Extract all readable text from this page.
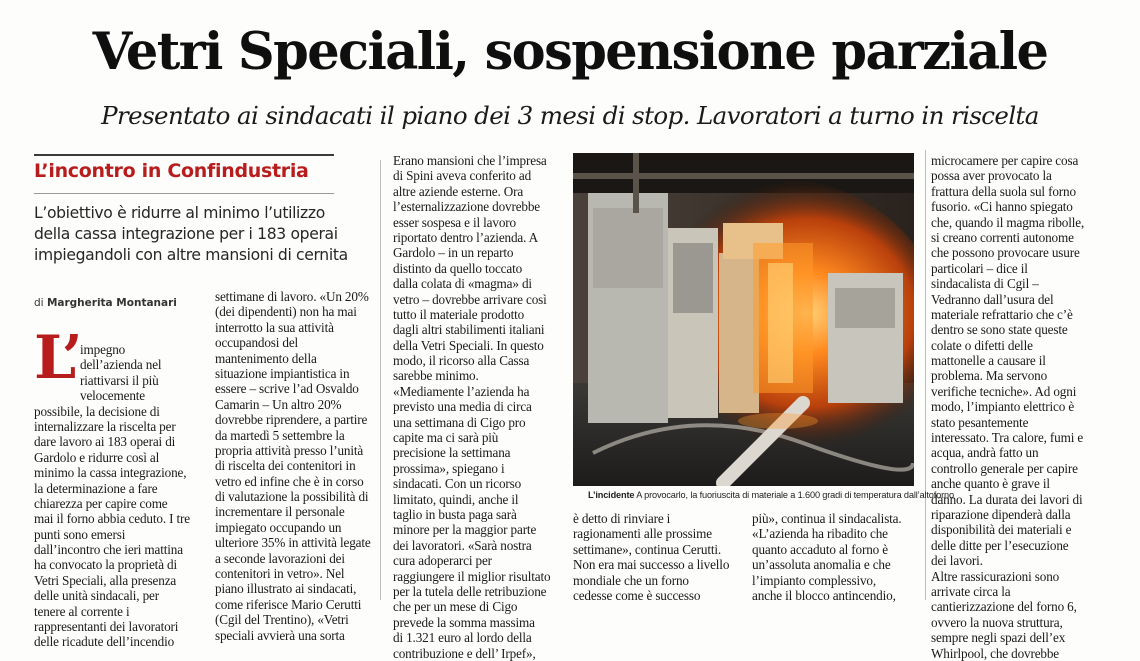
Vetri Speciali, sospensione parziale
Presentato ai sindacati il piano dei 3 mesi di stop. Lavoratori a turno in riscelta
L’incontro in Confindustria
L’obiettivo è ridurre al minimo l’utilizzo
della cassa integrazione per i 183 operai
impiegandoli con altre mansioni di cernita
di Margherita Montanari
L’
impegno
dell’azienda nel
riattivarsi il più
velocemente
possibile, la decisione di
internalizzare la riscelta per
dare lavoro ai 183 operai di
Gardolo e ridurre così al
minimo la cassa integrazione,
la determinazione a fare
chiarezza per capire come
mai il forno abbia ceduto. I tre
punti sono emersi
dall’incontro che ieri mattina
ha convocato la proprietà di
Vetri Speciali, alla presenza
delle unità sindacali, per
tenere al corrente i
rappresentanti dei lavoratori
delle ricadute dell’incendio
settimane di lavoro. «Un 20%
(dei dipendenti) non ha mai
interrotto la sua attività
occupandosi del
mantenimento della
situazione impiantistica in
essere – scrive l’ad Osvaldo
Camarin – Un altro 20%
dovrebbe riprendere, a partire
da martedì 5 settembre la
propria attività presso l’unità
di riscelta dei contenitori in
vetro ed infine che è in corso
di valutazione la possibilità di
incrementare il personale
impiegato occupando un
ulteriore 35% in attività legate
a seconde lavorazioni dei
contenitori in vetro». Nel
piano illustrato ai sindacati,
come riferisce Mario Cerutti
(Cgil del Trentino), «Vetri
speciali avvierà una sorta
Erano mansioni che l’impresa
di Spini aveva conferito ad
altre aziende esterne. Ora
l’esternalizzazione dovrebbe
esser sospesa e il lavoro
riportato dentro l’azienda. A
Gardolo – in un reparto
distinto da quello toccato
dalla colata di «magma» di
vetro – dovrebbe arrivare così
tutto il materiale prodotto
dagli altri stabilimenti italiani
della Vetri Speciali. In questo
modo, il ricorso alla Cassa
sarebbe minimo.
«Mediamente l’azienda ha
previsto una media di circa
una settimana di Cigo pro
capite ma ci sarà più
precisione la settimana
prossima», spiegano i
sindacati. Con un ricorso
limitato, quindi, anche il
taglio in busta paga sarà
minore per la maggior parte
dei lavoratori. «Sarà nostra
cura adoperarci per
raggiungere il miglior risultato
per la tutela delle retribuzione
che per un mese di Cigo
prevede la somma massima
di 1.321 euro al lordo della
contribuzione e dell’ Irpef»,
è detto di rinviare i
ragionamenti alle prossime
settimane», continua Cerutti.
Non era mai successo a livello
mondiale che un forno
cedesse come è successo
più», continua il sindacalista.
«L’azienda ha ribadito che
quanto accaduto al forno è
un’assoluta anomalia e che
l’impianto complessivo,
anche il blocco antincendio,
microcamere per capire cosa
possa aver provocato la
frattura della suola sul forno
fusorio. «Ci hanno spiegato
che, quando il magma ribolle,
si creano correnti autonome
che possono provocare usure
particolari – dice il
sindacalista di Cgil –
Vedranno dall’usura del
materiale refrattario che c’è
dentro se sono state queste
colate o difetti delle
mattonelle a causare il
problema. Ma servono
verifiche tecniche». Ad ogni
modo, l’impianto elettrico è
stato pesantemente
interessato. Tra calore, fumi e
acqua, andrà fatto un
controllo generale per capire
anche quanto è grave il
danno. La durata dei lavori di
riparazione dipenderà dalla
disponibilità dei materiali e
delle ditte per l’esecuzione
dei lavori.
Altre rassicurazioni sono
arrivate circa la
cantierizzazione del forno 6,
ovvero la nuova struttura,
sempre negli spazi dell’ex
Whirlpool, che dovrebbe
L’incidente A provocarlo, la fuoriuscita di materiale a 1.600 gradi di temperatura dall’altoforno
